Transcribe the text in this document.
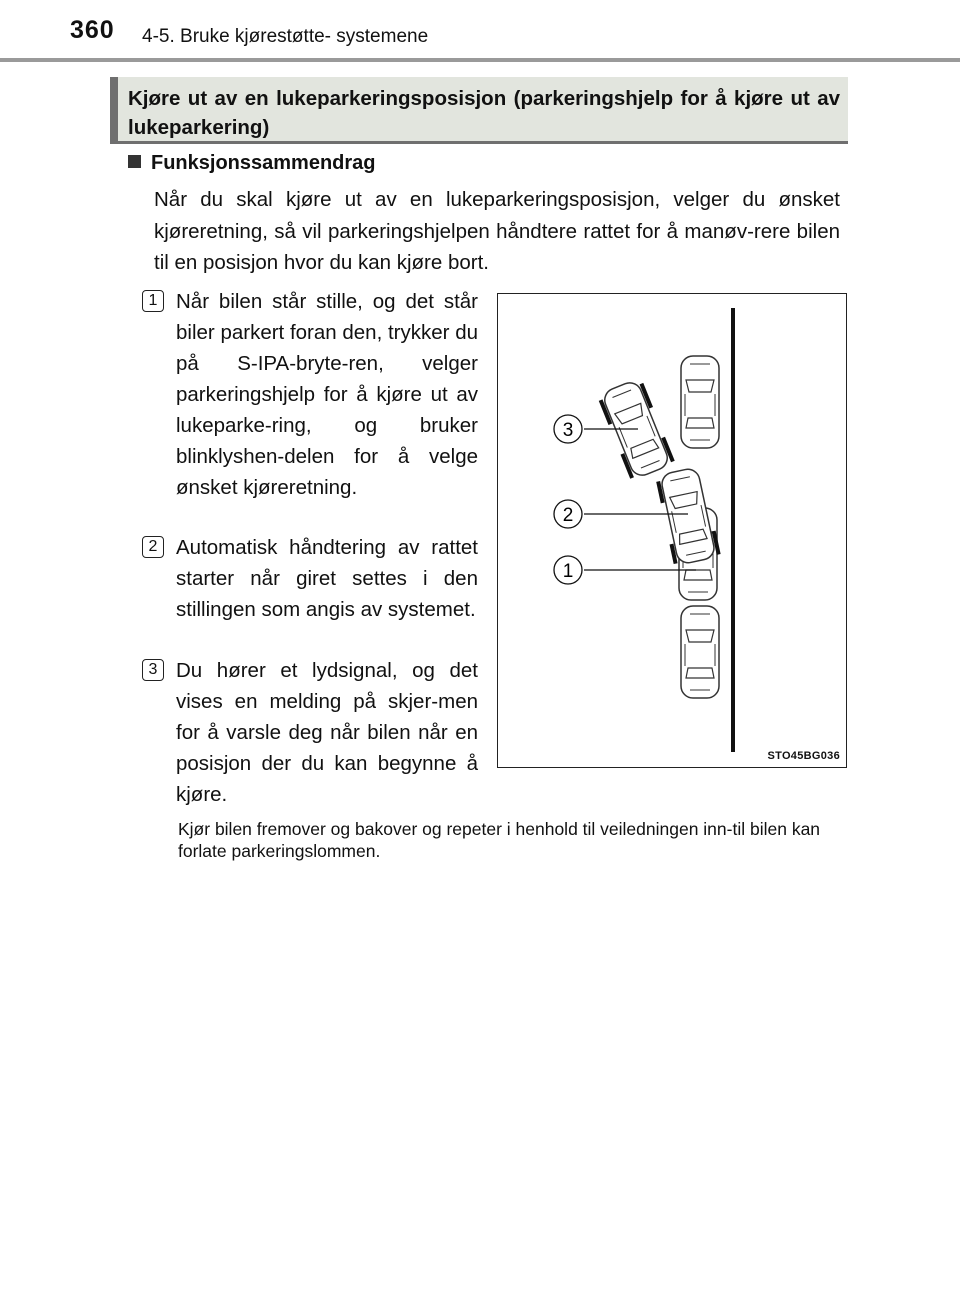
360 4-5. Bruke kjørestøtte- systemene
Kjøre ut av en lukeparkeringsposisjon (parkeringshjelp for å kjøre ut av lukeparkering)
Funksjonssammendrag
Når du skal kjøre ut av en lukeparkeringsposisjon, velger du ønsket kjøreretning, så vil parkeringshjelpen håndtere rattet for å manøv-rere bilen til en posisjon hvor du kan kjøre bort.
1 Når bilen står stille, og det står biler parkert foran den, trykker du på S-IPA-bryte-ren, velger parkeringshjelp for å kjøre ut av lukeparke-ring, og bruker blinklyshen-delen for å velge ønsket kjøreretning.
2 Automatisk håndtering av rattet starter når giret settes i den stillingen som angis av systemet.
3 Du hører et lydsignal, og det vises en melding på skjer-men for å varsle deg når bilen når en posisjon der du kan begynne å kjøre.
3
2
1
STO45BG036
Kjør bilen fremover og bakover og repeter i henhold til veiledningen inn-til bilen kan forlate parkeringslommen.
